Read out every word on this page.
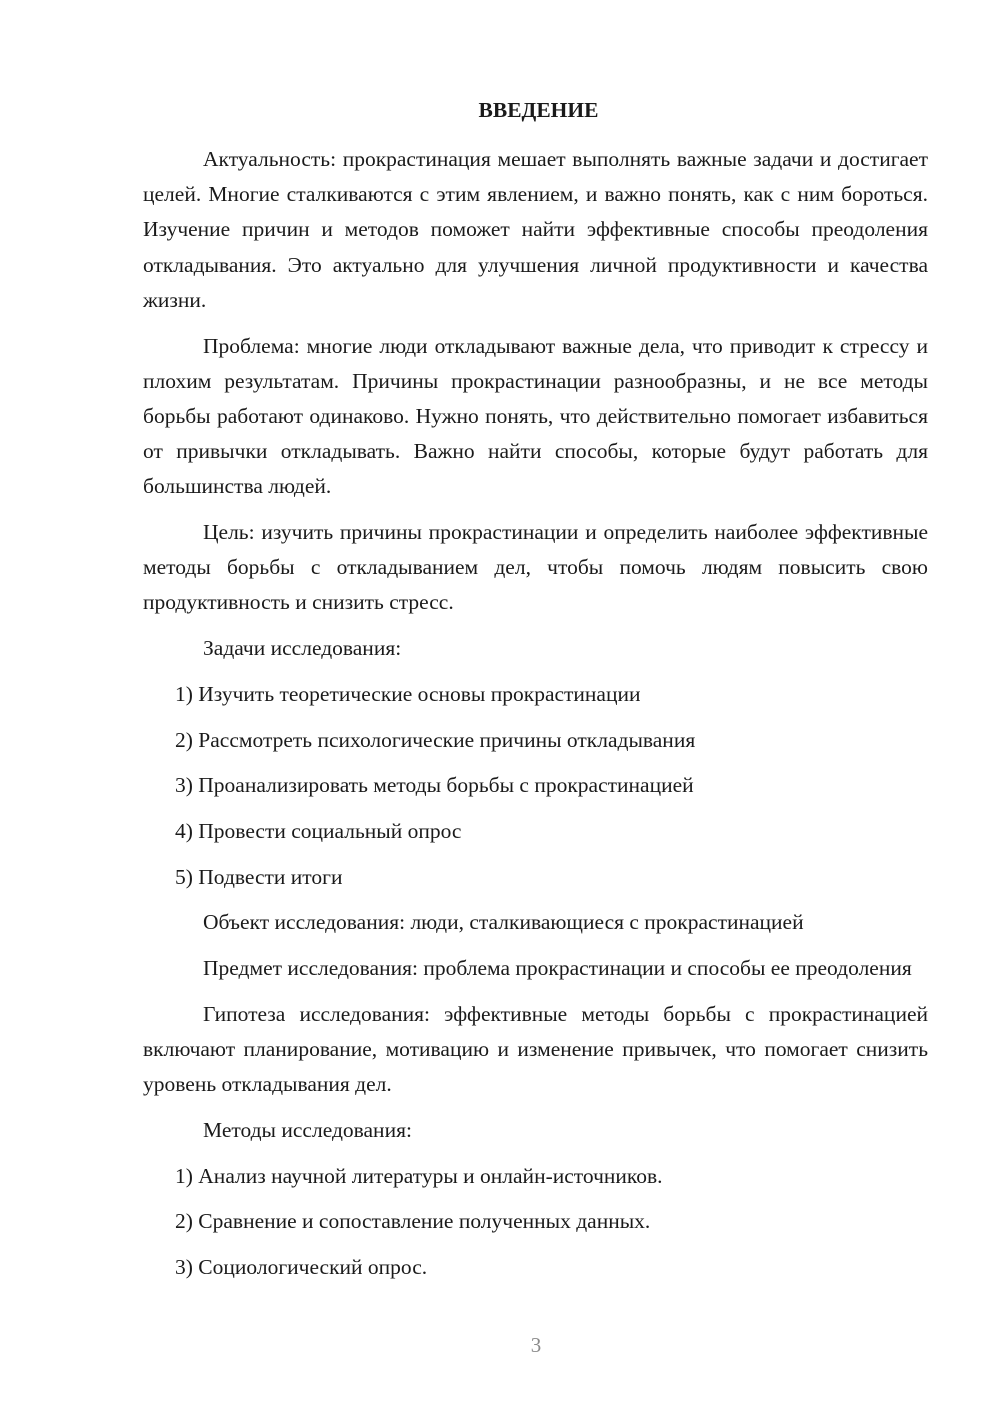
ВВЕДЕНИЕ

Актуальность: прокрастинация мешает выполнять важные задачи и достигает целей. Многие сталкиваются с этим явлением, и важно понять, как с ним бороться. Изучение причин и методов поможет найти эффективные способы преодоления откладывания. Это актуально для улучшения личной продуктивности и качества жизни.

Проблема: многие люди откладывают важные дела, что приводит к стрессу и плохим результатам. Причины прокрастинации разнообразны, и не все методы борьбы работают одинаково. Нужно понять, что действительно помогает избавиться от привычки откладывать. Важно найти способы, которые будут работать для большинства людей.

Цель: изучить причины прокрастинации и определить наиболее эффективные методы борьбы с откладыванием дел, чтобы помочь людям повысить свою продуктивность и снизить стресс.

Задачи исследования:
1) Изучить теоретические основы прокрастинации
2) Рассмотреть психологические причины откладывания
3) Проанализировать методы борьбы с прокрастинацией
4) Провести социальный опрос
5) Подвести итоги
Объект исследования: люди, сталкивающиеся с прокрастинацией

Предмет исследования: проблема прокрастинации и способы ее преодоления

Гипотеза исследования: эффективные методы борьбы с прокрастинацией включают планирование, мотивацию и изменение привычек, что помогает снизить уровень откладывания дел.

Методы исследования:
1) Анализ научной литературы и онлайн-источников.
2) Сравнение и сопоставление полученных данных.
3) Социологический опрос.
3
